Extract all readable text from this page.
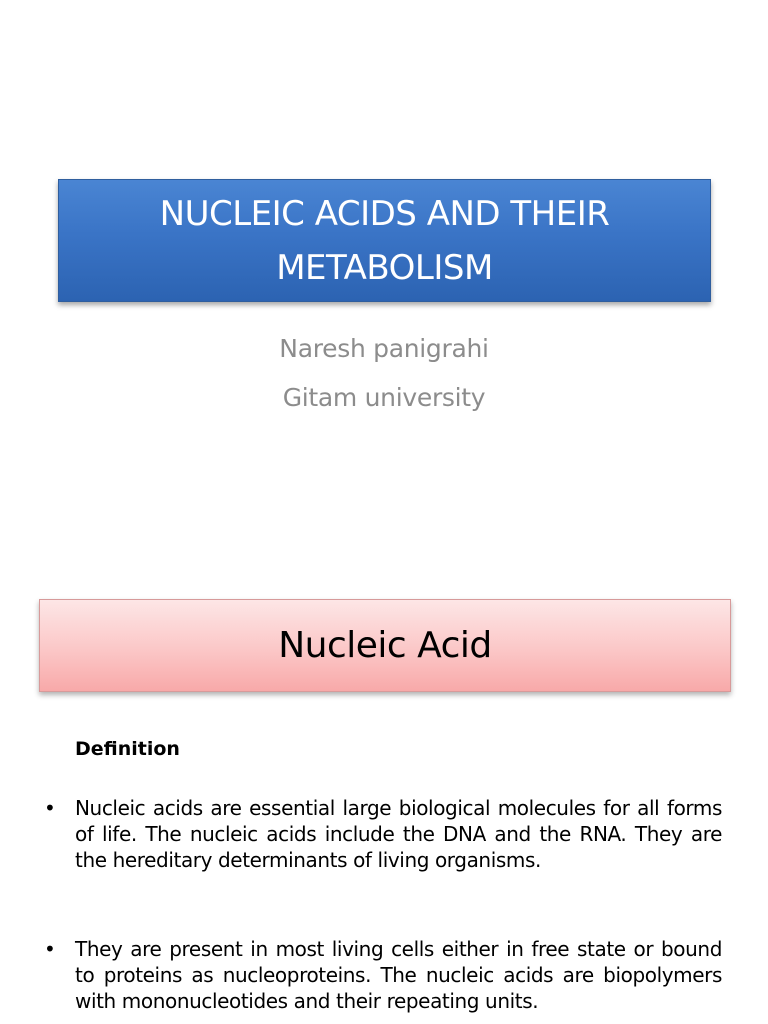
NUCLEIC ACIDS AND THEIR
METABOLISM
Naresh panigrahi
Gitam university
Nucleic Acid
Definition
• Nucleic acids are essential large biological molecules for all forms of life. The nucleic acids include the DNA and the RNA. They are the hereditary determinants of living organisms.
• They are present in most living cells either in free state or bound to proteins as nucleoproteins. The nucleic acids are biopolymers with mononucleotides and their repeating units.
